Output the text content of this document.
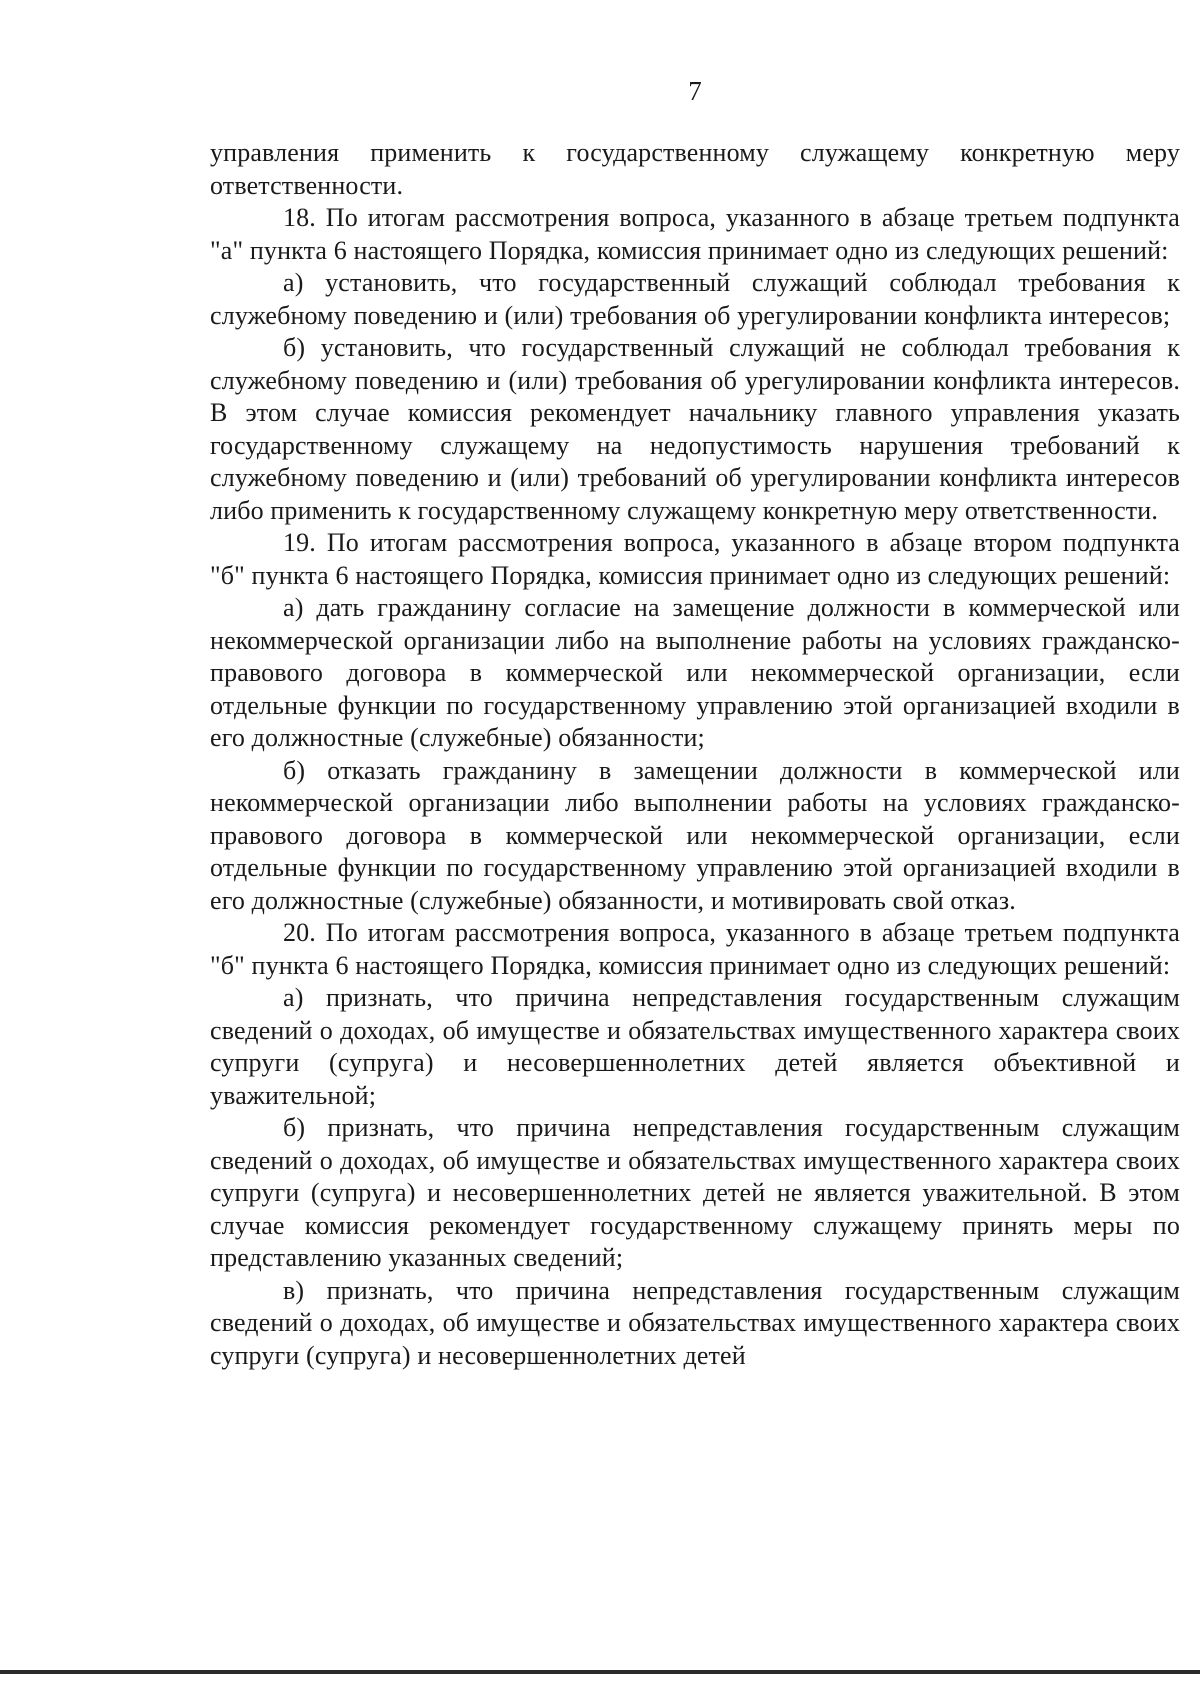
7

управления применить к государственному служащему конкретную меру ответственности.

18. По итогам рассмотрения вопроса, указанного в абзаце третьем подпункта "а" пункта 6 настоящего Порядка, комиссия принимает одно из следующих решений:

а) установить, что государственный служащий соблюдал требования к служебному поведению и (или) требования об урегулировании конфликта интересов;

б) установить, что государственный служащий не соблюдал требования к служебному поведению и (или) требования об урегулировании конфликта интересов. В этом случае комиссия рекомендует начальнику главного управления указать государственному служащему на недопустимость нарушения требований к служебному поведению и (или) требований об урегулировании конфликта интересов либо применить к государственному служащему конкретную меру ответственности.

19. По итогам рассмотрения вопроса, указанного в абзаце втором подпункта "б" пункта 6 настоящего Порядка, комиссия принимает одно из следующих решений:

а) дать гражданину согласие на замещение должности в коммерческой или некоммерческой организации либо на выполнение работы на условиях гражданско-правового договора в коммерческой или некоммерческой организации, если отдельные функции по государственному управлению этой организацией входили в его должностные (служебные) обязанности;

б) отказать гражданину в замещении должности в коммерческой или некоммерческой организации либо выполнении работы на условиях гражданско-правового договора в коммерческой или некоммерческой организации, если отдельные функции по государственному управлению этой организацией входили в его должностные (служебные) обязанности, и мотивировать свой отказ.

20. По итогам рассмотрения вопроса, указанного в абзаце третьем подпункта "б" пункта 6 настоящего Порядка, комиссия принимает одно из следующих решений:

а) признать, что причина непредставления государственным служащим сведений о доходах, об имуществе и обязательствах имущественного характера своих супруги (супруга) и несовершеннолетних детей является объективной и уважительной;

б) признать, что причина непредставления государственным служащим сведений о доходах, об имуществе и обязательствах имущественного характера своих супруги (супруга) и несовершеннолетних детей не является уважительной. В этом случае комиссия рекомендует государственному служащему принять меры по представлению указанных сведений;

в) признать, что причина непредставления государственным служащим сведений о доходах, об имуществе и обязательствах имущественного характера своих супруги (супруга) и несовершеннолетних детей
